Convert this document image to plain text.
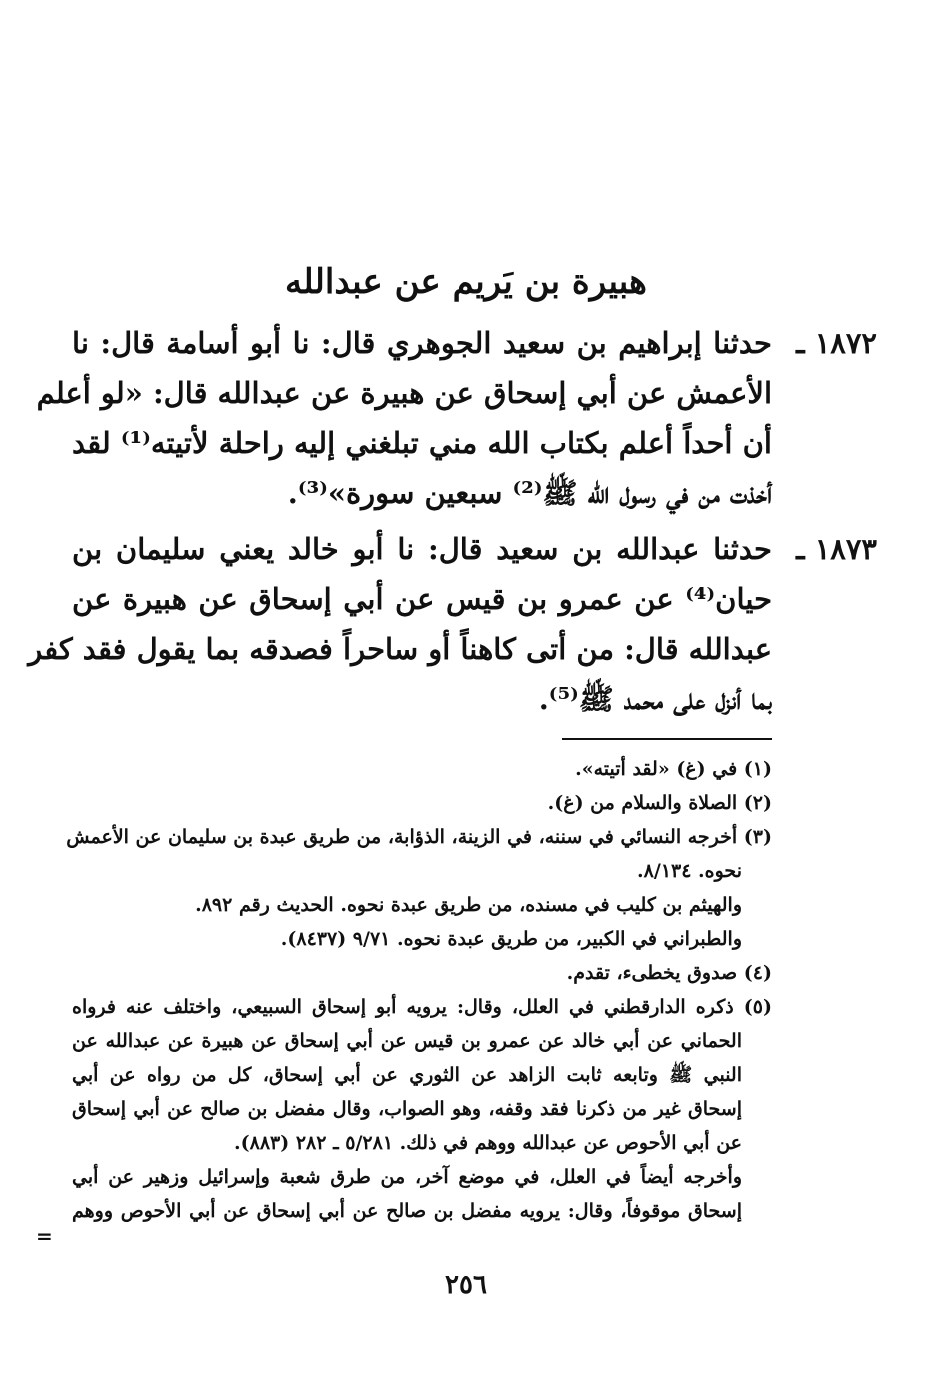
هبيرة بن يَريم عن عبدالله
١٨٧٢ ـ
حدثنا إبراهيم بن سعيد الجوهري قال: نا أبو أسامة قال: نا
الأعمش عن أبي إسحاق عن هبيرة عن عبدالله قال: «لو أعلم
أن أحداً أعلم بكتاب الله مني تبلغني إليه راحلة لأتيته⁽¹⁾ لقد
أخذت من في رسول الله ﷺ⁽²⁾ سبعين سورة»⁽³⁾.
١٨٧٣ ـ
حدثنا عبدالله بن سعيد قال: نا أبو خالد يعني سليمان بن
حيان⁽⁴⁾ عن عمرو بن قيس عن أبي إسحاق عن هبيرة عن
عبدالله قال: من أتى كاهناً أو ساحراً فصدقه بما يقول فقد كفر
بما أنزل على محمد ﷺ⁽⁵⁾.
(١) في (غ) «لقد أتيته».
(٢) الصلاة والسلام من (غ).
(٣) أخرجه النسائي في سننه، في الزينة، الذؤابة، من طريق عبدة بن سليمان عن الأعمش
نحوه. ٨/١٣٤.
والهيثم بن كليب في مسنده، من طريق عبدة نحوه. الحديث رقم ٨٩٢.
والطبراني في الكبير، من طريق عبدة نحوه. ٩/٧١ (٨٤٣٧).
(٤) صدوق يخطىء، تقدم.
(٥) ذكره الدارقطني في العلل، وقال: يرويه أبو إسحاق السبيعي، واختلف عنه فرواه
الحماني عن أبي خالد عن عمرو بن قيس عن أبي إسحاق عن هبيرة عن عبدالله عن
النبي ﷺ وتابعه ثابت الزاهد عن الثوري عن أبي إسحاق، كل من رواه عن أبي
إسحاق غير من ذكرنا فقد وقفه، وهو الصواب، وقال مفضل بن صالح عن أبي إسحاق
عن أبي الأحوص عن عبدالله ووهم في ذلك. ٥/٢٨١ ـ ٢٨٢ (٨٨٣).
وأخرجه أيضاً في العلل، في موضع آخر، من طرق شعبة وإسرائيل وزهير عن أبي
إسحاق موقوفاً، وقال: يرويه مفضل بن صالح عن أبي إسحاق عن أبي الأحوص ووهم
=
٢٥٦
